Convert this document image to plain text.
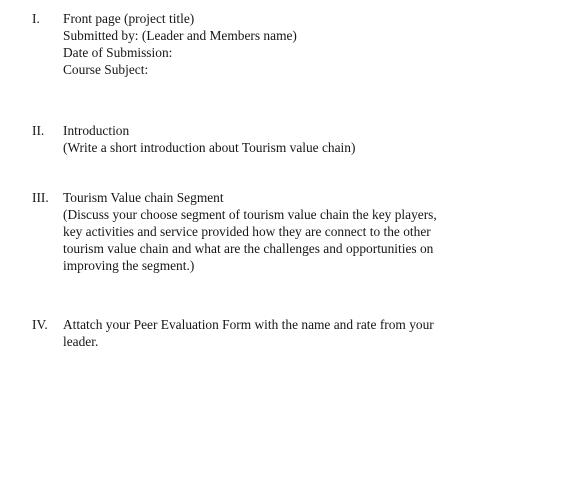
I. Front page (project title)
Submitted by: (Leader and Members name)
Date of Submission:
Course Subject:
II. Introduction
(Write a short introduction about Tourism value chain)
III. Tourism Value chain Segment
(Discuss your choose segment of tourism value chain the key players,
key activities and service provided how they are connect to the other
tourism value chain and what are the challenges and opportunities on
improving the segment.)
IV. Attatch your Peer Evaluation Form with the name and rate from your
leader.
